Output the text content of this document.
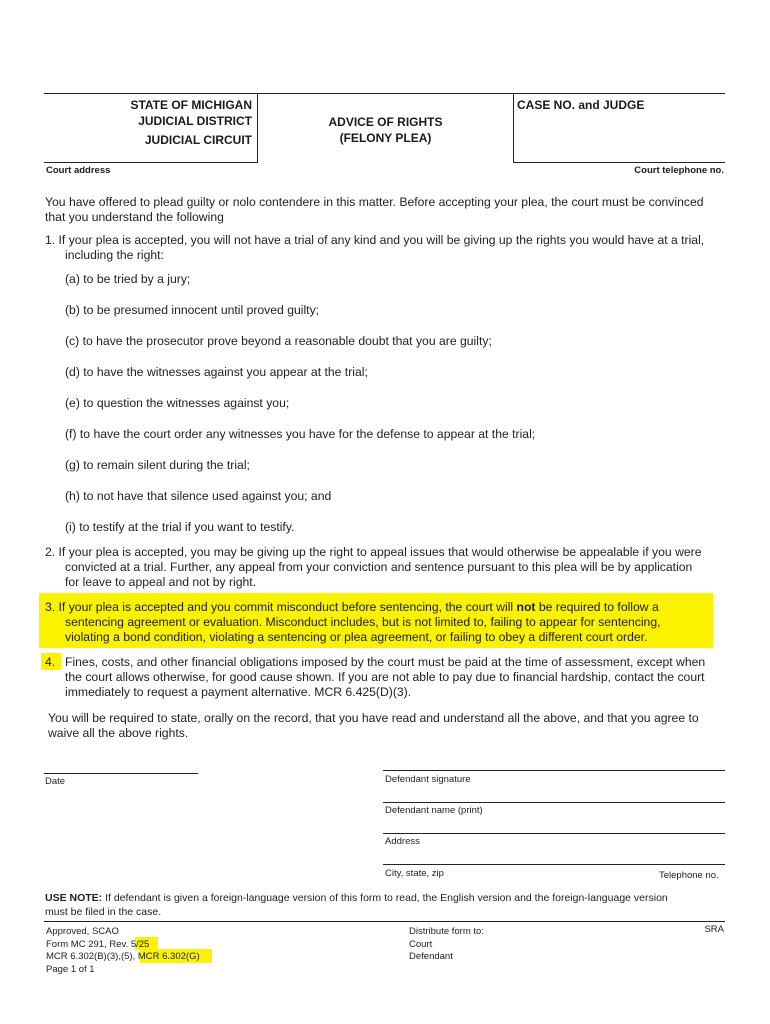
STATE OF MICHIGAN
JUDICIAL DISTRICT
JUDICIAL CIRCUIT
ADVICE OF RIGHTS
(FELONY PLEA)
CASE NO. and JUDGE
Court address	Court telephone no.
You have offered to plead guilty or nolo contendere in this matter. Before accepting your plea, the court must be convinced
that you understand the following
1. If your plea is accepted, you will not have a trial of any kind and you will be giving up the rights you would have at a trial,
including the right:
(a) to be tried by a jury;
(b) to be presumed innocent until proved guilty;
(c) to have the prosecutor prove beyond a reasonable doubt that you are guilty;
(d) to have the witnesses against you appear at the trial;
(e) to question the witnesses against you;
(f) to have the court order any witnesses you have for the defense to appear at the trial;
(g) to remain silent during the trial;
(h) to not have that silence used against you; and
(i) to testify at the trial if you want to testify.
2. If your plea is accepted, you may be giving up the right to appeal issues that would otherwise be appealable if you were
convicted at a trial. Further, any appeal from your conviction and sentence pursuant to this plea will be by application
for leave to appeal and not by right.
3. If your plea is accepted and you commit misconduct before sentencing, the court will not be required to follow a
sentencing agreement or evaluation. Misconduct includes, but is not limited to, failing to appear for sentencing,
violating a bond condition, violating a sentencing or plea agreement, or failing to obey a different court order.
4. Fines, costs, and other financial obligations imposed by the court must be paid at the time of assessment, except when
the court allows otherwise, for good cause shown. If you are not able to pay due to financial hardship, contact the court
immediately to request a payment alternative. MCR 6.425(D)(3).
You will be required to state, orally on the record, that you have read and understand all the above, and that you agree to
waive all the above rights.
Date	Defendant signature
Defendant name (print)
Address
City, state, zip	Telephone no.
USE NOTE: If defendant is given a foreign-language version of this form to read, the English version and the foreign-language version
must be filed in the case.
Approved, SCAO
Form MC 291, Rev. 5/25
MCR 6.302(B)(3),(5), MCR 6.302(G)
Page 1 of 1
Distribute form to:
Court
Defendant
SRA
